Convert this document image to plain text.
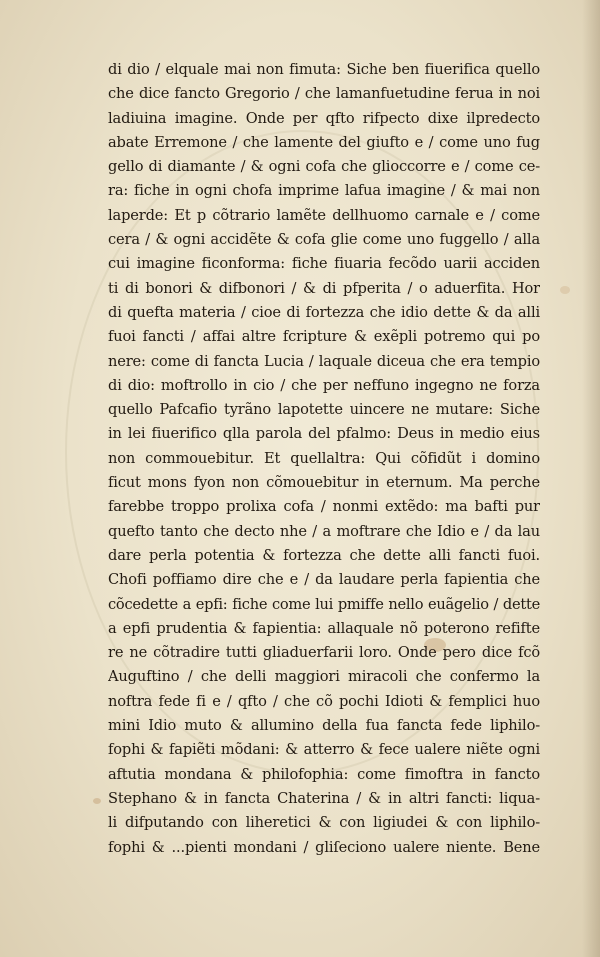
di dio / elquale mai non fimuta: Siche ben fiuerifica quello
che dice fancto Gregorio / che lamanfuetudine ferua in noi
ladiuina imagine. Onde per qfto rifpecto dixe ilpredecto
abate Erremone / che lamente del giufto e / come uno fug
gello di diamante / & ogni cofa che glioccorre e / come ce-
ra: fiche in ogni chofa imprime lafua imagine / & mai non
laperde: Et p cõtrario lamẽte dellhuomo carnale e / come
cera / & ogni accidẽte & cofa glie come uno fuggello / alla
cui imagine ficonforma: fiche fiuaria fecõdo uarii acciden
ti di bonori & difbonori / & di pfperita / o aduerfita. Hor
di quefta materia / cioe di fortezza che idio dette & da alli
fuoi fancti / affai altre fcripture & exẽpli potremo qui po
nere: come di fancta Lucia / laquale diceua che era tempio
di dio: moftrollo in cio / che per neffuno ingegno ne forza
quello Pafcafio tyrãno lapotette uincere ne mutare: Siche
in lei fiuerifico qlla parola del pfalmo: Deus in medio eius
non commouebitur. Et quellaltra: Qui cõfidũt i domino
ficut mons fyon non cõmouebitur in eternum. Ma perche
farebbe troppo prolixa cofa / nonmi extẽdo: ma bafti pur
quefto tanto che decto nhe / a moftrare che Idio e / da lau
dare perla potentia & fortezza che dette alli fancti fuoi.
Chofi poffiamo dire che e / da laudare perla fapientia che
cõcedette a epfi: fiche come lui pmiffe nello euãgelio / dette
a epfi prudentia & fapientia: allaquale nõ poterono refifte
re ne cõtradire tutti gliaduerfarii loro. Onde pero dice fcõ
Auguftino / che delli maggiori miracoli che confermo la
noftra fede fi e / qfto / che cõ pochi Idioti & femplici huo
mini Idio muto & allumino della fua fancta fede liphilo-
fophi & fapiẽti mõdani: & atterro & fece ualere niẽte ogni
aftutia mondana & philofophia: come fimoftra in fancto
Stephano & in fancta Chaterina / & in altri fancti: liqua-
li difputando con liheretici & con ligiudei & con liphilo-
fophi & ...pienti mondani / gliſeciono ualere niente. Bene
